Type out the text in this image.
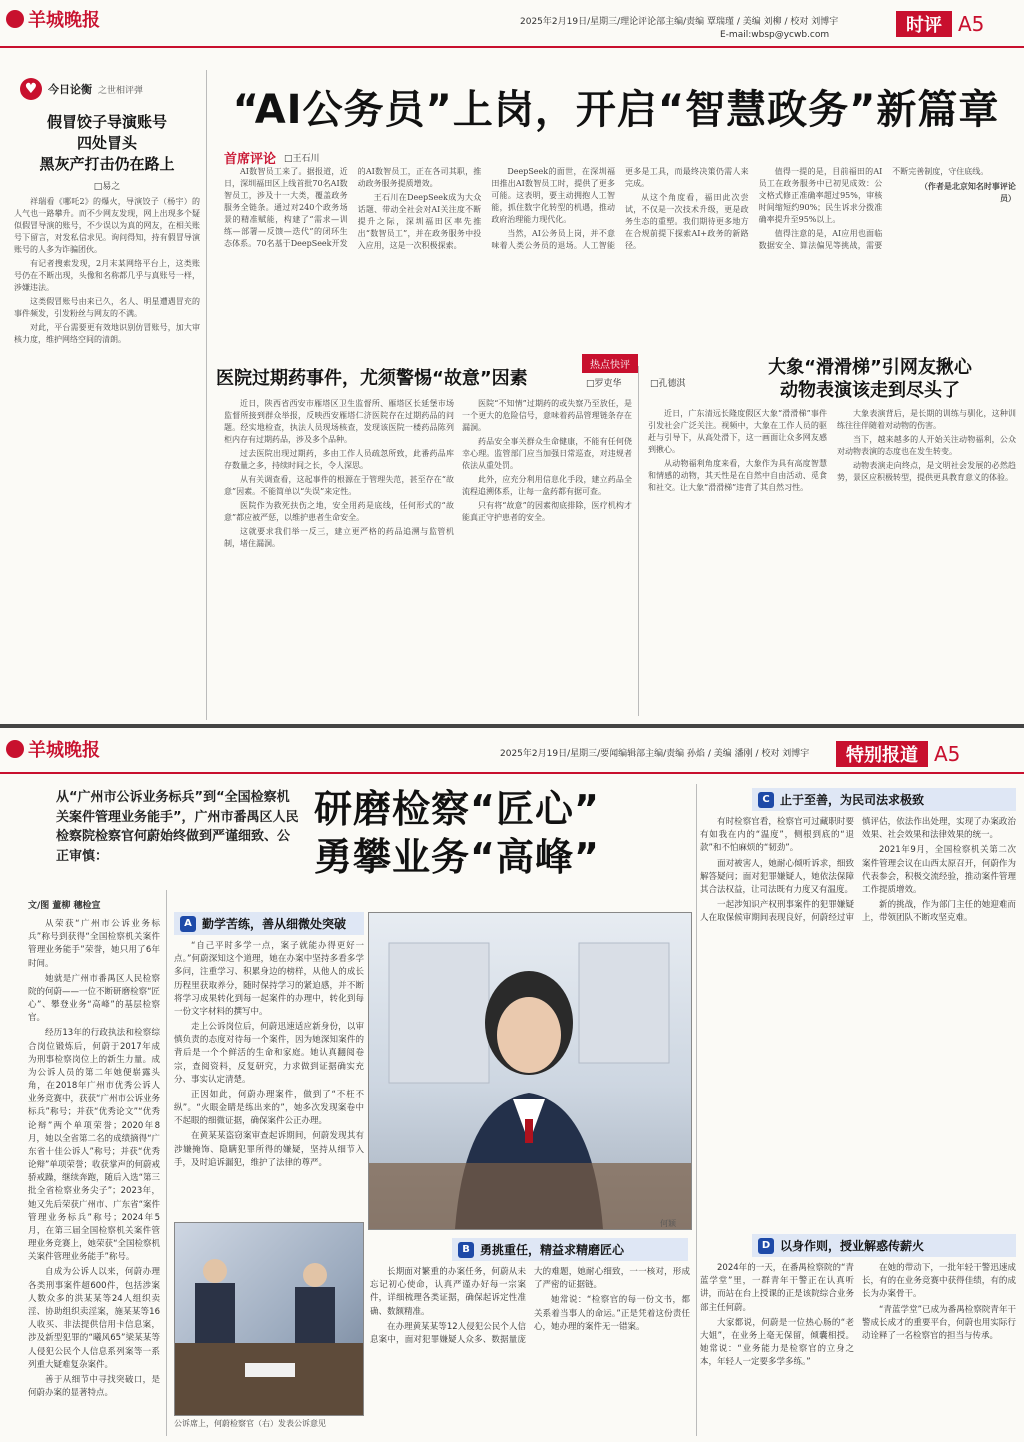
羊城晚报	2025年2月19日/星期三/理论评论部主编/责编 覃瑞瑾 / 美编 刘柳 / 校对 刘博宇
E-mail:wbsp@ycwb.com	时评 A5
♥ 今日论衡 之世相评弹
假冒饺子导演账号
四处冒头
黑灰产打击仍在路上
□易之

祥瑞看《哪吒2》的爆火，导演饺子（杨宇）的人气也一路攀升。而不少网友发现，网上出现多个疑似假冒导演的账号，不少误以为真的网友，在相关账号下留言，对发私信求见。询问得知，持有假冒导演账号的人多为诈骗团伙。

有记者搜索发现，2月末某网络平台上，这类账号仍在不断出现，头像和名称都几乎与真账号一样，涉嫌违法。

这类假冒账号由来已久，名人、明星遭遇冒充的事件频发，引发粉丝与网友的不满。

对此，平台需要更有效地识别仿冒账号，加大审核力度，维护网络空间的清朗。

“AI公务员”上岗，开启“智慧政务”新篇章
首席评论 □王石川

AI数智员工来了。据报道，近日，深圳福田区上线首批70名AI数智员工，涉及十一大类，覆盖政务服务全链条。通过对240个政务场景的精准赋能，构建了“需求—训练—部署—反馈—迭代”的闭环生态体系。70名基于DeepSeek开发的AI数智员工，正在各司其职，推动政务服务提质增效。

王石川在DeepSeek成为大众话题、带动全社会对AI关注度不断提升之际，深圳福田区率先推出“数智员工”，并在政务服务中投入应用，这是一次积极探索。

DeepSeek的面世，在深圳福田推出AI数智员工时，提供了更多可能。这表明，要主动拥抱人工智能，抓住数字化转型的机遇，推动政府治理能力现代化。

当然，AI公务员上岗，并不意味着人类公务员的退场。人工智能更多是工具，而最终决策仍需人来完成。

从这个角度看，福田此次尝试，不仅是一次技术升级，更是政务生态的重塑。我们期待更多地方在合规前提下探索AI+政务的新路径。

值得一提的是，目前福田的AI员工在政务服务中已初见成效：公文格式修正准确率超过95%，审核时间缩短约90%；民生诉求分拨准确率提升至95%以上。

值得注意的是，AI应用也面临数据安全、算法偏见等挑战，需要不断完善制度，守住底线。

（作者是北京知名时事评论员）

热点快评
医院过期药事件，尤须警惕“故意”因素	□罗吏华

近日，陕西省西安市雁塔区卫生监督所、雁塔区长延堡市场监督所接到群众举报，反映西安雁塔仁济医院存在过期药品的问题。经实地检查，执法人员现场核查，发现该医院一楼药品陈列柜内存有过期药品，涉及多个品种。

过去医院出现过期药，多由工作人员疏忽所致，此番药品库存数量之多，持续时间之长，令人深思。

从有关调查看，这起事件的根源在于管理失范，甚至存在“故意”因素。不能简单以“失误”来定性。

医院作为救死扶伤之地，安全用药是底线，任何形式的“故意”都应被严惩，以维护患者生命安全。

这就要求我们举一反三，建立更严格的药品追溯与监管机制，堵住漏洞。

医院“不知情”过期药的或失察乃至放任，是一个更大的危险信号，意味着药品管理链条存在漏洞。

药品安全事关群众生命健康，不能有任何侥幸心理。监管部门应当加强日常巡查，对违规者依法从重处罚。

此外，应充分利用信息化手段，建立药品全流程追溯体系，让每一盒药都有据可查。

只有将“故意”的因素彻底排除，医疗机构才能真正守护患者的安全。

□孔德淇
大象“滑滑梯”引网友揪心
动物表演该走到尽头了

近日，广东清远长隆度假区大象“滑滑梯”事件引发社会广泛关注。视频中，大象在工作人员的驱赶与引导下，从高处滑下，这一画面让众多网友感到揪心。

从动物福利角度来看，大象作为具有高度智慧和情感的动物，其天性是在自然中自由活动、觅食和社交。让大象“滑滑梯”违背了其自然习性。

大象表演背后，是长期的训练与驯化，这种训练往往伴随着对动物的伤害。

当下，越来越多的人开始关注动物福利，公众对动物表演的态度也在发生转变。

动物表演走向终点，是文明社会发展的必然趋势，景区应积极转型，提供更具教育意义的体验。

羊城晚报	2025年2月19日/星期三/要闻编辑部主编/责编 孙焰 / 美编 潘刚 / 校对 刘博宇	特别报道 A5
从“广州市公诉业务标兵”到“全国检察机关案件管理业务能手”，广州市番禺区人民检察院检察官何蔚始终做到严谨细致、公正审慎：
研磨检察“匠心”
勇攀业务“高峰”
文/图 董柳 穗检宣

从荣获“广州市公诉业务标兵”称号到获得“全国检察机关案件管理业务能手”荣誉，她只用了6年时间。

她就是广州市番禺区人民检察院的何蔚——一位不断研磨检察“匠心”、攀登业务“高峰”的基层检察官。

经历13年的行政执法和检察综合岗位锻炼后，何蔚于2017年成为刑事检察岗位上的新生力量。成为公诉人员的第二年她便崭露头角，在2018年广州市优秀公诉人业务竞赛中，获获“广州市公诉业务标兵”称号；并获“优秀论文”“优秀论辩”两个单项荣誉；2020年8月，她以全省第二名的成绩摘得“广东省十佳公诉人”称号；并获“优秀论辩”单项荣誉；收获掌声的何蔚戒骄戒躁，继续奔跑，随后入选“第三批全省检察业务尖子”；2023年，她又先后荣获广州市、广东省“案件管理业务标兵”称号；2024年5月，在第三届全国检察机关案件管理业务竞赛上，她荣获“全国检察机关案件管理业务能手”称号。

自成为公诉人以来，何蔚办理各类刑事案件超600件，包括涉案人数众多的洪某某等24人组织卖淫、协助组织卖淫案，施某某等16人收买、非法提供信用卡信息案，涉及新型犯罪的“曦风65”梁某某等人侵犯公民个人信息系列案等一系列重大疑难复杂案件。

善于从细节中寻找突破口，是何蔚办案的显著特点。

A 勤学苦练，善从细微处突破

“自己平时多学一点，案子就能办得更好一点。”何蔚深知这个道理，她在办案中坚持多看多学多问，注重学习、积累身边的榜样，从他人的成长历程里获取养分，随时保持学习的紧迫感，并不断将学习成果转化到每一起案件的办理中，转化到每一份文字材料的撰写中。

走上公诉岗位后，何蔚迅速适应新身份，以审慎负责的态度对待每一个案件，因为她深知案件的背后是一个个鲜活的生命和家庭。她认真翻阅卷宗，查阅资料，反复研究，力求做到证据确实充分、事实认定清楚。

正因如此，何蔚办理案件，做到了“不枉不纵”。“火眼金睛是练出来的”，她多次发现案卷中不起眼的细微证据，确保案件公正办理。

在黄某某盗窃案审查起诉期间，何蔚发现其有涉嫌掩饰、隐瞒犯罪所得的嫌疑，坚持从细节入手，及时追诉漏犯，维护了法律的尊严。

公诉席上，何蔚检察官（右）发表公诉意见
何颖
B 勇挑重任，精益求精磨匠心

长期面对繁重的办案任务，何蔚从未忘记初心使命，认真严谨办好每一宗案件，详细梳理各类证据，确保起诉定性准确、数额精准。

在办理黄某某等12人侵犯公民个人信息案中，面对犯罪嫌疑人众多、数据量庞大的难题，她耐心细致，一一核对，形成了严密的证据链。

她常说：“检察官的每一份文书，都关系着当事人的命运。”正是凭着这份责任心，她办理的案件无一错案。

C 止于至善，为民司法求极致

有时检察官看，检察官可过藏职时要有如我在内的“温度”，侧根到底的“退款”和不怕麻烦的“韧劲”。

面对被害人，她耐心倾听诉求，细致解答疑问；面对犯罪嫌疑人，她依法保障其合法权益，让司法既有力度又有温度。

一起涉知识产权刑事案件的犯罪嫌疑人在取保候审期间表现良好，何蔚经过审慎评估，依法作出处理，实现了办案政治效果、社会效果和法律效果的统一。

2021年9月，全国检察机关第二次案件管理会议在山西太原召开，何蔚作为代表参会，积极交流经验，推动案件管理工作提质增效。

新的挑战，作为部门主任的她迎难而上，带领团队不断攻坚克难。

D 以身作则，授业解惑传薪火

2024年的一天，在番禺检察院的“青蓝学堂”里，一群青年干警正在认真听讲，而站在台上授课的正是该院综合业务部主任何蔚。

大家都说，何蔚是一位热心肠的“老大姐”，在业务上毫无保留，倾囊相授。她常说：“业务能力是检察官的立身之本，年轻人一定要多学多练。”

在她的带动下，一批年轻干警迅速成长，有的在业务竞赛中获得佳绩，有的成长为办案骨干。

“青蓝学堂”已成为番禺检察院青年干警成长成才的重要平台，何蔚也用实际行动诠释了一名检察官的担当与传承。
